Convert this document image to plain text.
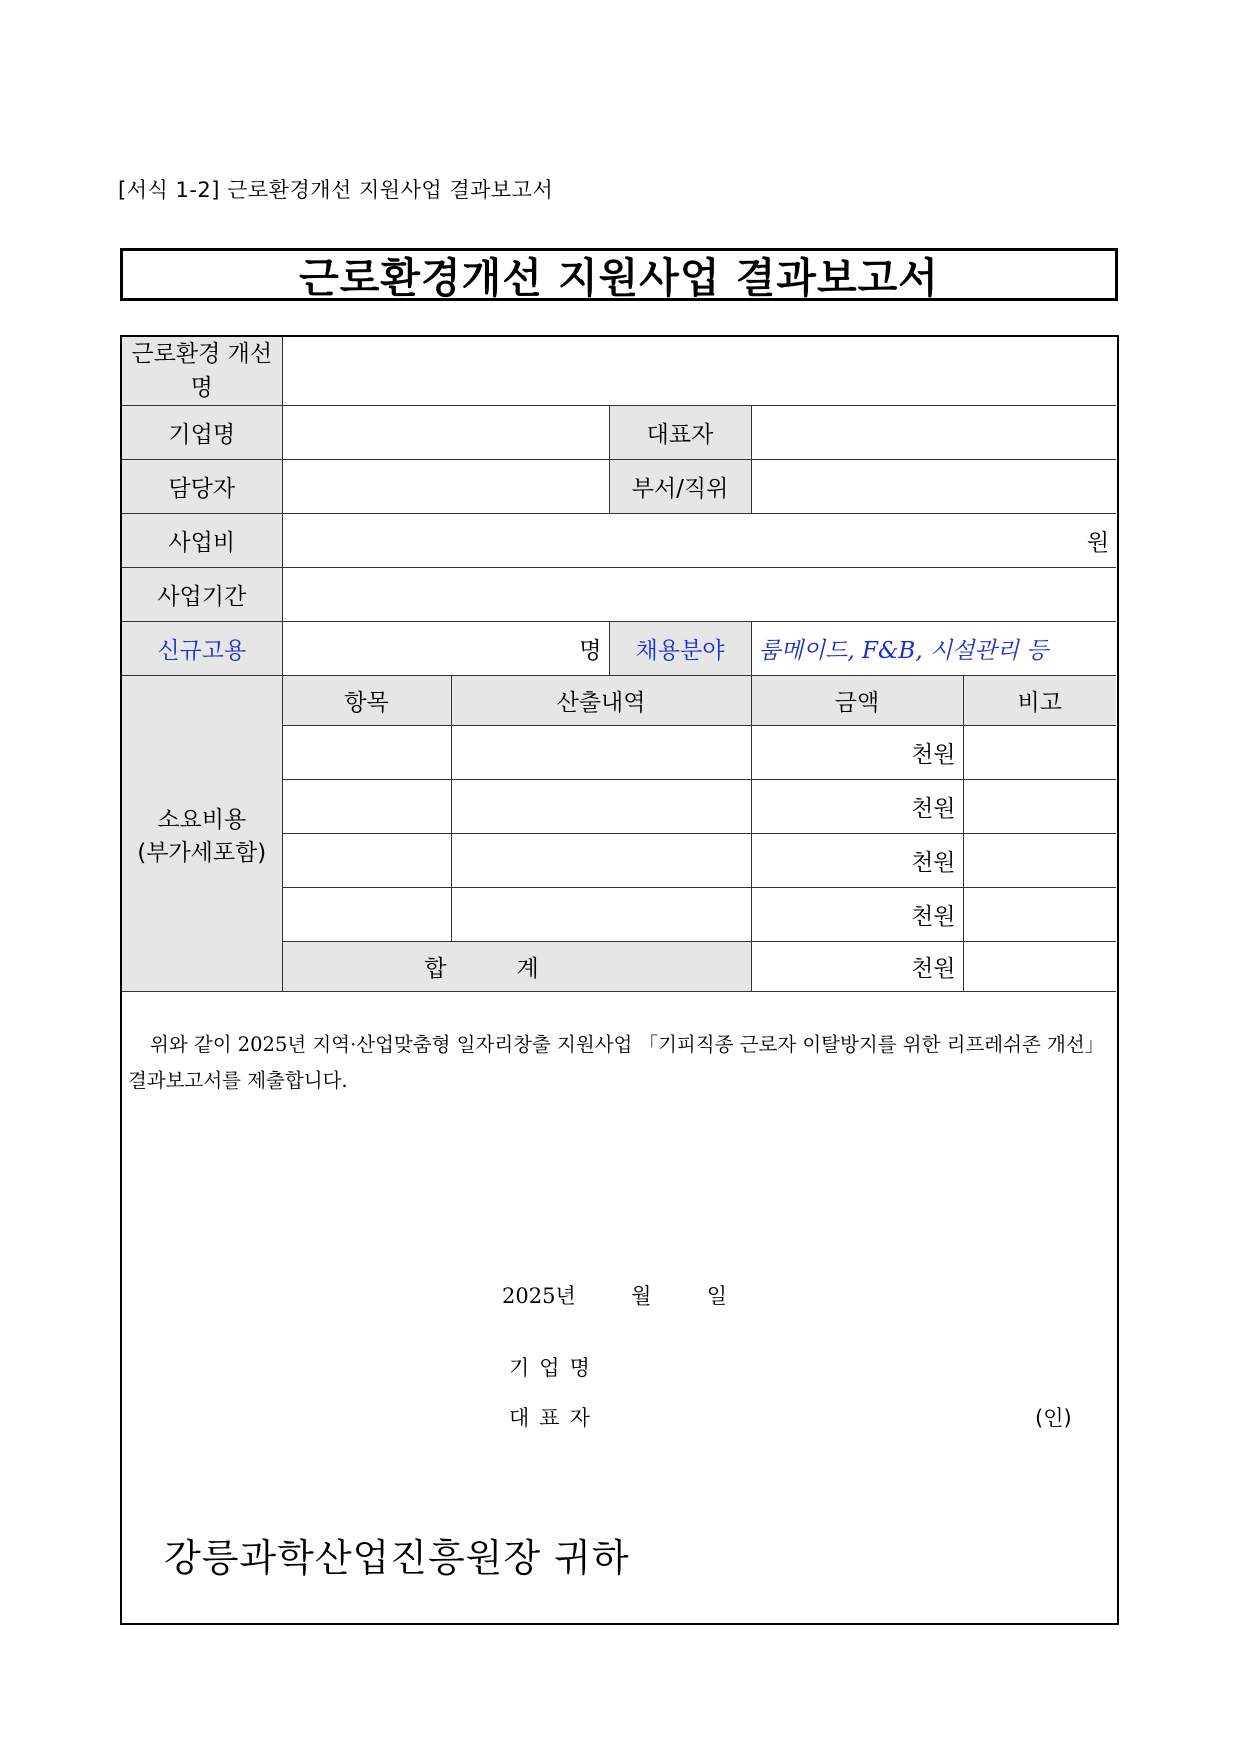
[서식 1-2] 근로환경개선 지원사업 결과보고서
근로환경개선 지원사업 결과보고서
근로환경 개선명					
기업명			대표자		
담당자			부서/직위		
사업비	원				
사업기간					
신규고용	명		채용분야	룸메이드, F&B, 시설관리 등	

소요비용
(부가세포함)	항목	산출내역		금액	비고
				천원	
				천원	
				천원	
				천원	
	합계			천원	
위와 같이 2025년 지역·산업맞춤형 일자리창출 지원사업 「기피직종 근로자 이탈방지를 위한 리프레쉬존 개선」 결과보고서를 제출합니다.
2025년	월	일
기업명
대표자	(인)
강릉과학산업진흥원장 귀하
